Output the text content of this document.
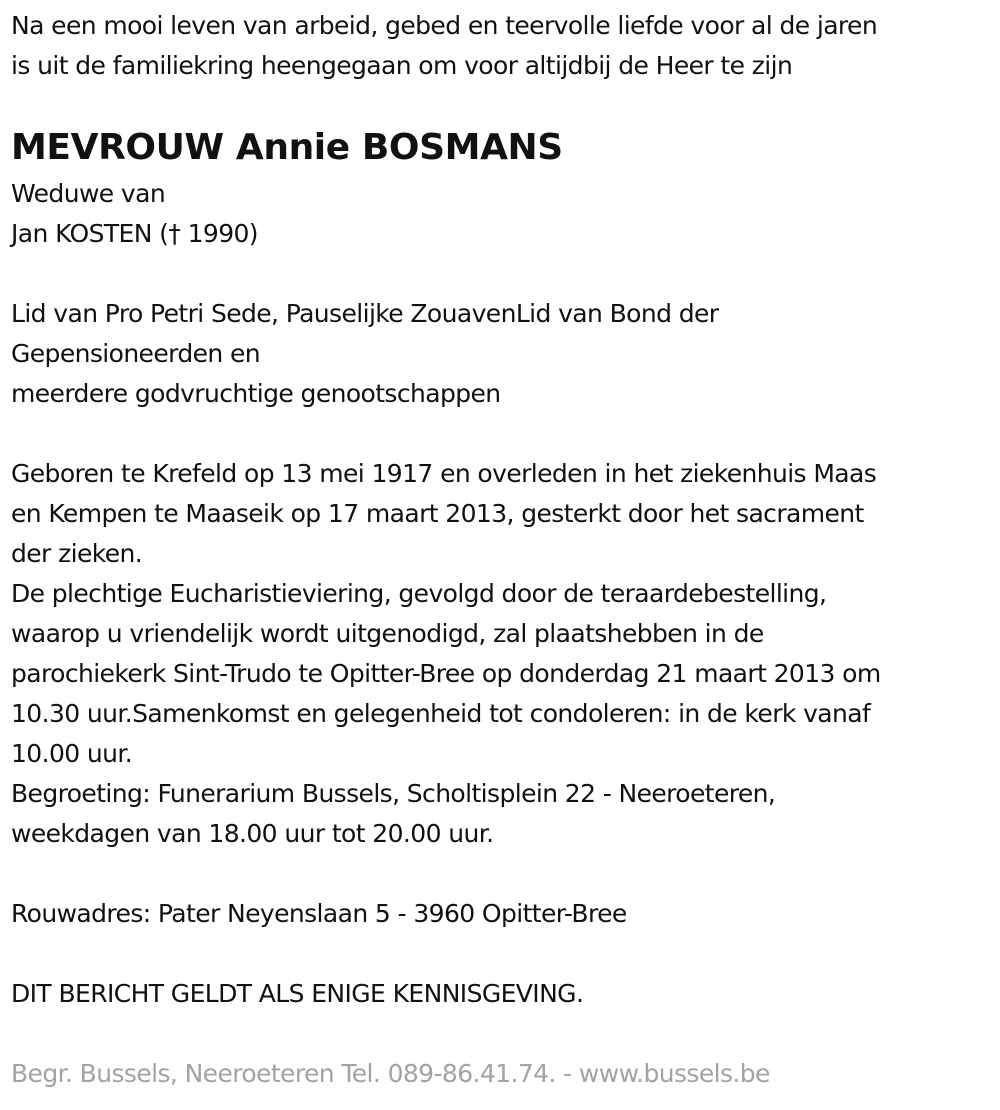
Na een mooi leven van arbeid, gebed en teervolle liefde voor al de jaren

is uit de familiekring heengegaan om voor altijdbij de Heer te zijn

MEVROUW Annie BOSMANS

Weduwe van

Jan KOSTEN († 1990)

Lid van Pro Petri Sede, Pauselijke ZouavenLid van Bond der

Gepensioneerden en

meerdere godvruchtige genootschappen

Geboren te Krefeld op 13 mei 1917 en overleden in het ziekenhuis Maas

en Kempen te Maaseik op 17 maart 2013, gesterkt door het sacrament

der zieken.

De plechtige Eucharistieviering, gevolgd door de teraardebestelling,

waarop u vriendelijk wordt uitgenodigd, zal plaatshebben in de

parochiekerk Sint-Trudo te Opitter-Bree op donderdag 21 maart 2013 om

10.30 uur.Samenkomst en gelegenheid tot condoleren: in de kerk vanaf

10.00 uur.

Begroeting: Funerarium Bussels, Scholtisplein 22 - Neeroeteren,

weekdagen van 18.00 uur tot 20.00 uur.

Rouwadres: Pater Neyenslaan 5 - 3960 Opitter-Bree

DIT BERICHT GELDT ALS ENIGE KENNISGEVING.

Begr. Bussels, Neeroeteren Tel. 089-86.41.74. - www.bussels.be
